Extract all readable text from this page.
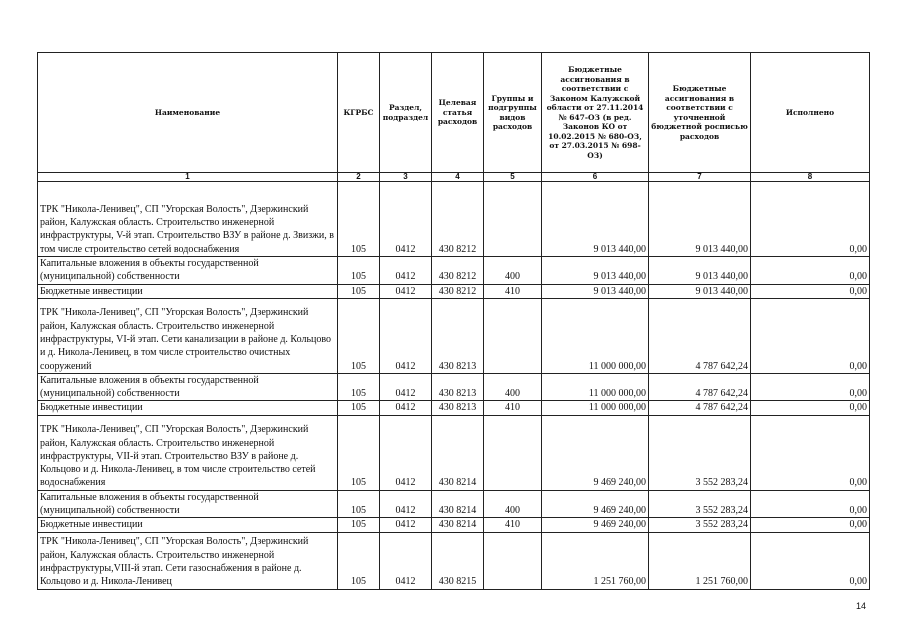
Наименование	КГРБС	Раздел, подраздел	Целевая статья расходов	Группы и подгруппы видов расходов	Бюджетные ассигнования в соответствии с Законом Калужской области от 27.11.2014 № 647-ОЗ (в ред. Законов КО от 10.02.2015 № 680-ОЗ, от 27.03.2015 № 698-ОЗ)	Бюджетные ассигнования в соответствии с уточненной бюджетной росписью расходов	Исполнено
1	2	3	4	5	6	7	8
ТРК "Никола-Ленивец", СП "Угорская Волость", Дзержинский район, Калужская область. Строительство инженерной инфраструктуры, V-й этап. Строительство ВЗУ в районе д. Звизжи, в том числе строительство сетей водоснабжения	105	0412	430 8212		9 013 440,00	9 013 440,00	0,00
Капитальные вложения в объекты государственной (муниципальной) собственности	105	0412	430 8212	400	9 013 440,00	9 013 440,00	0,00
Бюджетные инвестиции	105	0412	430 8212	410	9 013 440,00	9 013 440,00	0,00
ТРК "Никола-Ленивец", СП "Угорская Волость", Дзержинский район, Калужская область. Строительство инженерной инфраструктуры, VI-й этап. Сети канализации в районе д. Кольцово и д. Никола-Ленивец, в том числе строительство очистных сооружений	105	0412	430 8213		11 000 000,00	4 787 642,24	0,00
Капитальные вложения в объекты государственной (муниципальной) собственности	105	0412	430 8213	400	11 000 000,00	4 787 642,24	0,00
Бюджетные инвестиции	105	0412	430 8213	410	11 000 000,00	4 787 642,24	0,00
ТРК "Никола-Ленивец", СП "Угорская Волость", Дзержинский район, Калужская область. Строительство инженерной инфраструктуры, VII-й этап. Строительство ВЗУ в районе д. Кольцово и д. Никола-Ленивец, в том числе строительство сетей водоснабжения	105	0412	430 8214		9 469 240,00	3 552 283,24	0,00
Капитальные вложения в объекты государственной (муниципальной) собственности	105	0412	430 8214	400	9 469 240,00	3 552 283,24	0,00
Бюджетные инвестиции	105	0412	430 8214	410	9 469 240,00	3 552 283,24	0,00
ТРК "Никола-Ленивец", СП "Угорская Волость", Дзержинский район, Калужская область. Строительство инженерной инфраструктуры,VIII-й этап. Сети газоснабжения в районе д. Кольцово и д. Никола-Ленивец	105	0412	430 8215		1 251 760,00	1 251 760,00	0,00
14
